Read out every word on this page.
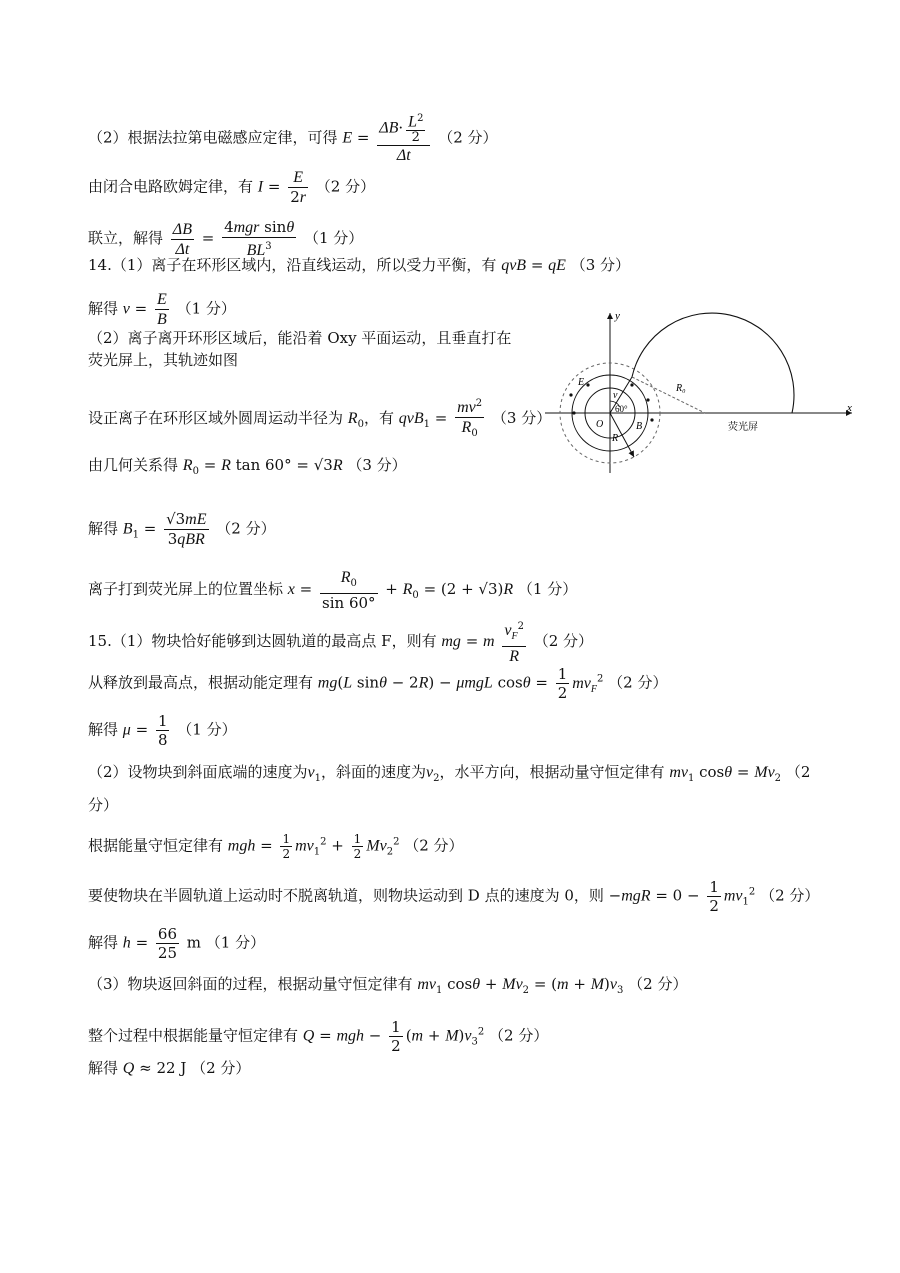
（2）根据法拉第电磁感应定律，可得 $E = \frac{\Delta B\cdot \frac{L^2}{2}}{\Delta t} (2$ 分）
由闭合电路欧姆定律，有 $I = \frac{E}{2r} (2$ 分）
联立，解得 $\frac{\Delta B}{\Delta t} = \frac{\text{4mgr sinθ}}{BL^3} (1$ 分）
14.（1）离子在环形区域内，沿直线运动，所以受力平衡，有 qvB = qE （3 分）
解得 $v = \frac{E}{B} (1$ 分）
（2）离子离开环形区域后，能沿着 Oxy 平面运动，且垂直打在
荧光屏上，其轨迹如图
设正离子在环形区域外圆周运动半径为 $R_0$，有 $qvB_1 = \frac{mv^2}{R_0} (3$ 分）
由几何关系得 $R_0 = R$ tan 60° = √3R （3 分）
解得 $B_1 = \frac{√3mE}{\text{3qBR}} (2$ 分）
离子打到荧光屏上的位置坐标 $x = \frac{R_0}{\sin 60^\circ} + R_0 = (2 + √3)R$ （1 分）
15.（1）物块恰好能够到达圆轨道的最高点 F，则有 mg = m $\frac{v_F^2}{R} (2$ 分）
从释放到最高点，根据动能定理有 mg(L sinθ − 2R) − μmgL $\cos\theta = \frac{1}{2} mv_F^2$ （2 分）
解得 $\mu = \frac{1}{8} (1$ 分）
（2）设物块到斜面底端的速度为$v_1$，斜面的速度为$v_2$，水平方向，根据动量守恒定律有 $mv_1$ $\cos\theta = Mv_2$ （2
分）
根据能量守恒定律有 mgh = $\frac{1}{2} mv_1^2 + \frac{1}{2} Mv_2^2$ （2 分）
要使物块在半圆轨道上运动时不脱离轨道，则物块运动到 D 点的速度为 0，则 $-mgR = 0 - \frac{1}{2} mv_1^2$ （2 分）
解得 $h = \frac{66}{25}$ m （1 分）
（3）物块返回斜面的过程，根据动量守恒定律有 $mv_1$ $\cos\theta + Mv_2 = (m + M)v_3$ （2 分）
整个过程中根据能量守恒定律有 Q = mgh − $\frac{1}{2} (m + M)v_3^2$ （2 分）
解得 Q ≈ 22 J （2 分）
x
y
R₀
v
60°
R
O
E
B	荧光屏
